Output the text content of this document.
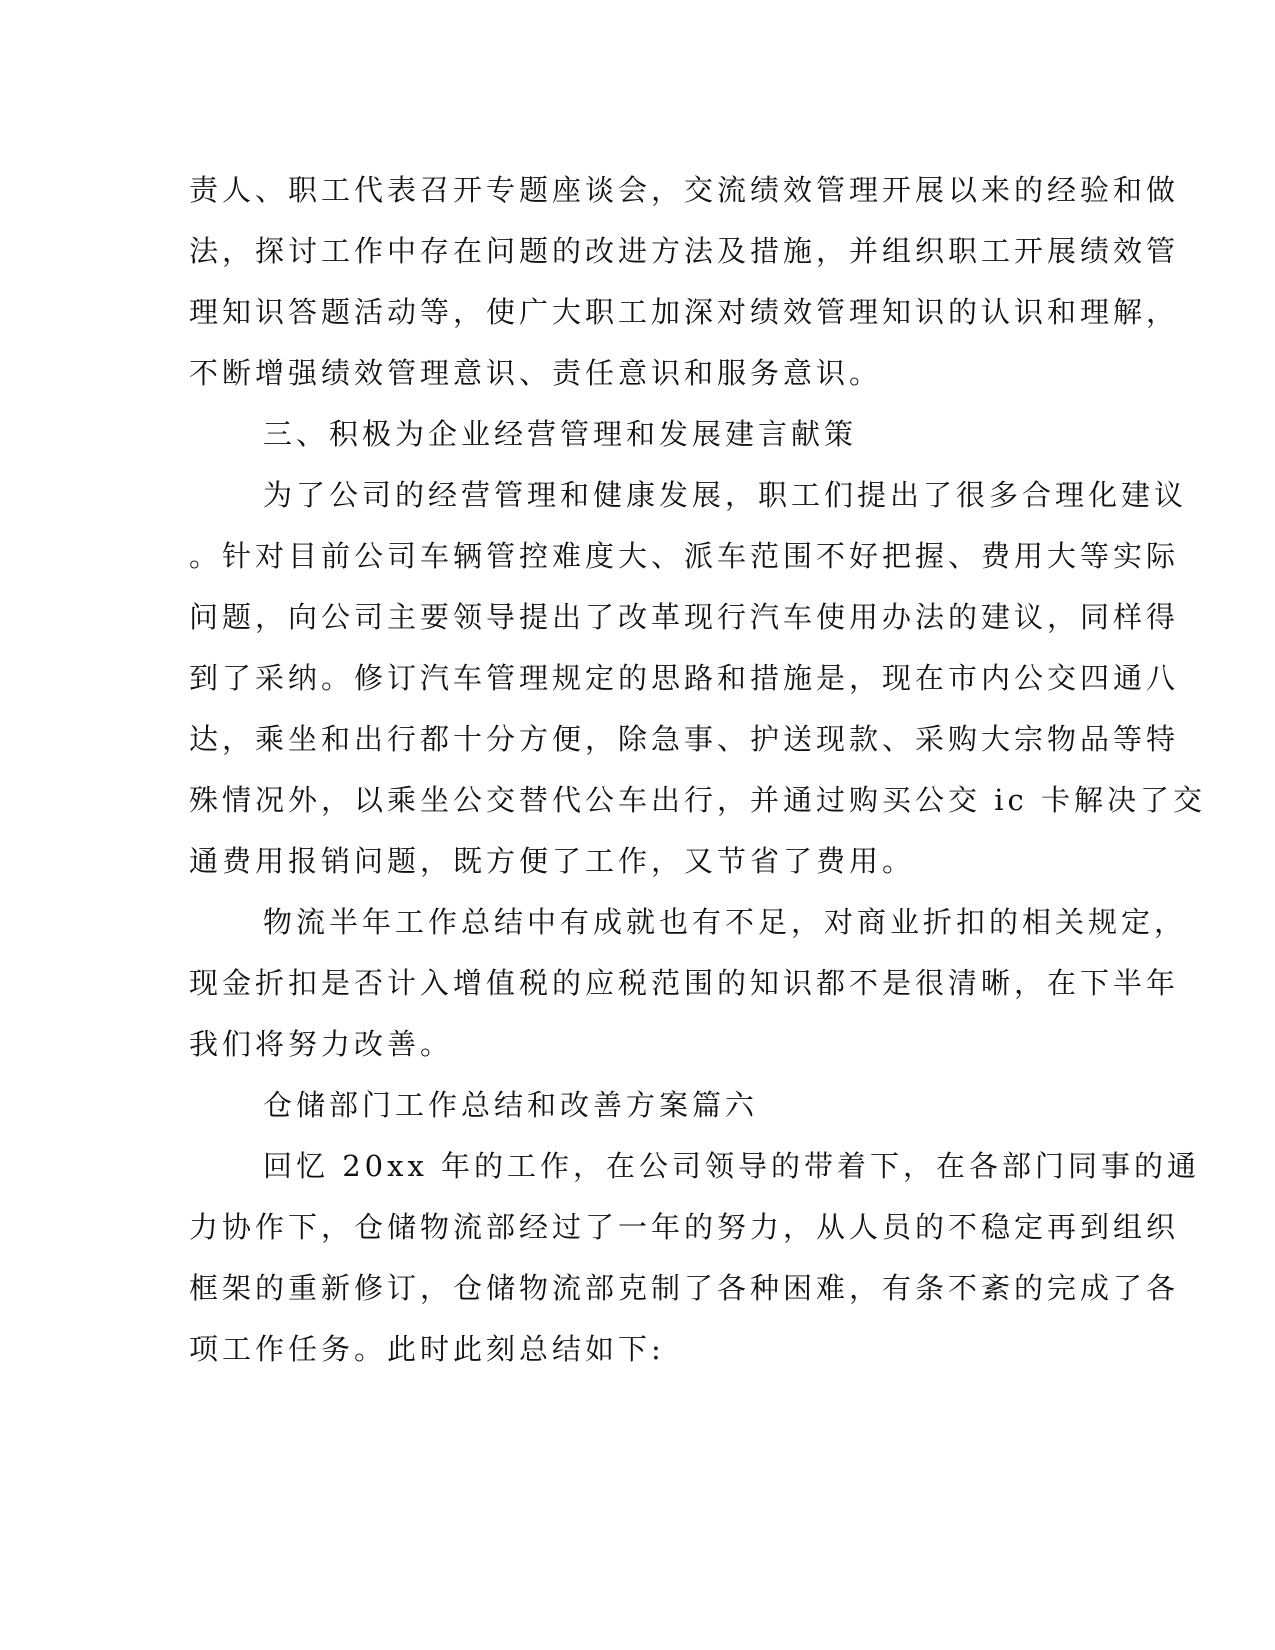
责人、职工代表召开专题座谈会，交流绩效管理开展以来的经验和做
法，探讨工作中存在问题的改进方法及措施，并组织职工开展绩效管
理知识答题活动等，使广大职工加深对绩效管理知识的认识和理解，
不断增强绩效管理意识、责任意识和服务意识。
三、积极为企业经营管理和发展建言献策
为了公司的经营管理和健康发展，职工们提出了很多合理化建议
。针对目前公司车辆管控难度大、派车范围不好把握、费用大等实际
问题，向公司主要领导提出了改革现行汽车使用办法的建议，同样得
到了采纳。修订汽车管理规定的思路和措施是，现在市内公交四通八
达，乘坐和出行都十分方便，除急事、护送现款、采购大宗物品等特
殊情况外，以乘坐公交替代公车出行，并通过购买公交 ic 卡解决了交
通费用报销问题，既方便了工作，又节省了费用。
物流半年工作总结中有成就也有不足，对商业折扣的相关规定，
现金折扣是否计入增值税的应税范围的知识都不是很清晰，在下半年
我们将努力改善。
仓储部门工作总结和改善方案篇六
回忆 20xx 年的工作，在公司领导的带着下，在各部门同事的通
力协作下，仓储物流部经过了一年的努力，从人员的不稳定再到组织
框架的重新修订，仓储物流部克制了各种困难，有条不紊的完成了各
项工作任务。此时此刻总结如下:
